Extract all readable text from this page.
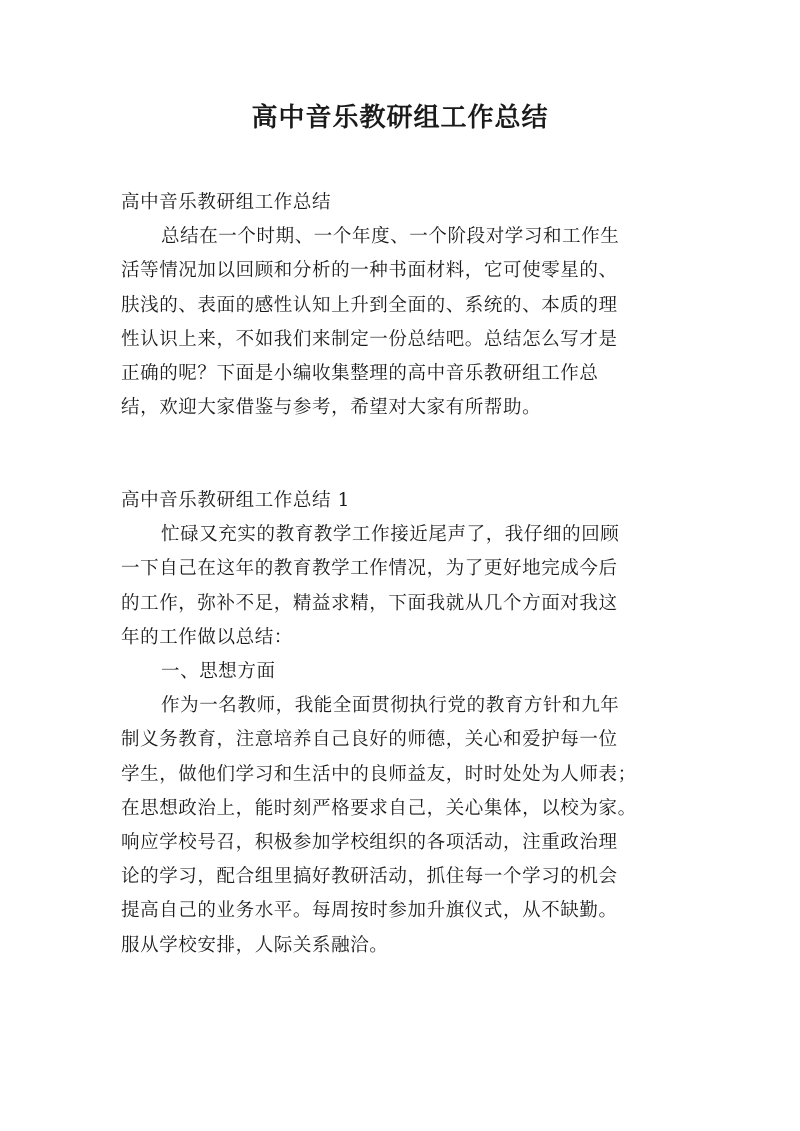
高中音乐教研组工作总结

高中音乐教研组工作总结

总结在一个时期、一个年度、一个阶段对学习和工作生

活等情况加以回顾和分析的一种书面材料，它可使零星的、

肤浅的、表面的感性认知上升到全面的、系统的、本质的理

性认识上来，不如我们来制定一份总结吧。总结怎么写才是

正确的呢？下面是小编收集整理的高中音乐教研组工作总

结，欢迎大家借鉴与参考，希望对大家有所帮助。

高中音乐教研组工作总结 1

忙碌又充实的教育教学工作接近尾声了，我仔细的回顾

一下自己在这年的教育教学工作情况，为了更好地完成今后

的工作，弥补不足，精益求精，下面我就从几个方面对我这

年的工作做以总结：

一、思想方面

作为一名教师，我能全面贯彻执行党的教育方针和九年

制义务教育，注意培养自己良好的师德，关心和爱护每一位

学生，做他们学习和生活中的良师益友，时时处处为人师表；

在思想政治上，能时刻严格要求自己，关心集体，以校为家。

响应学校号召，积极参加学校组织的各项活动，注重政治理

论的学习，配合组里搞好教研活动，抓住每一个学习的机会

提高自己的业务水平。每周按时参加升旗仪式，从不缺勤。

服从学校安排，人际关系融洽。
